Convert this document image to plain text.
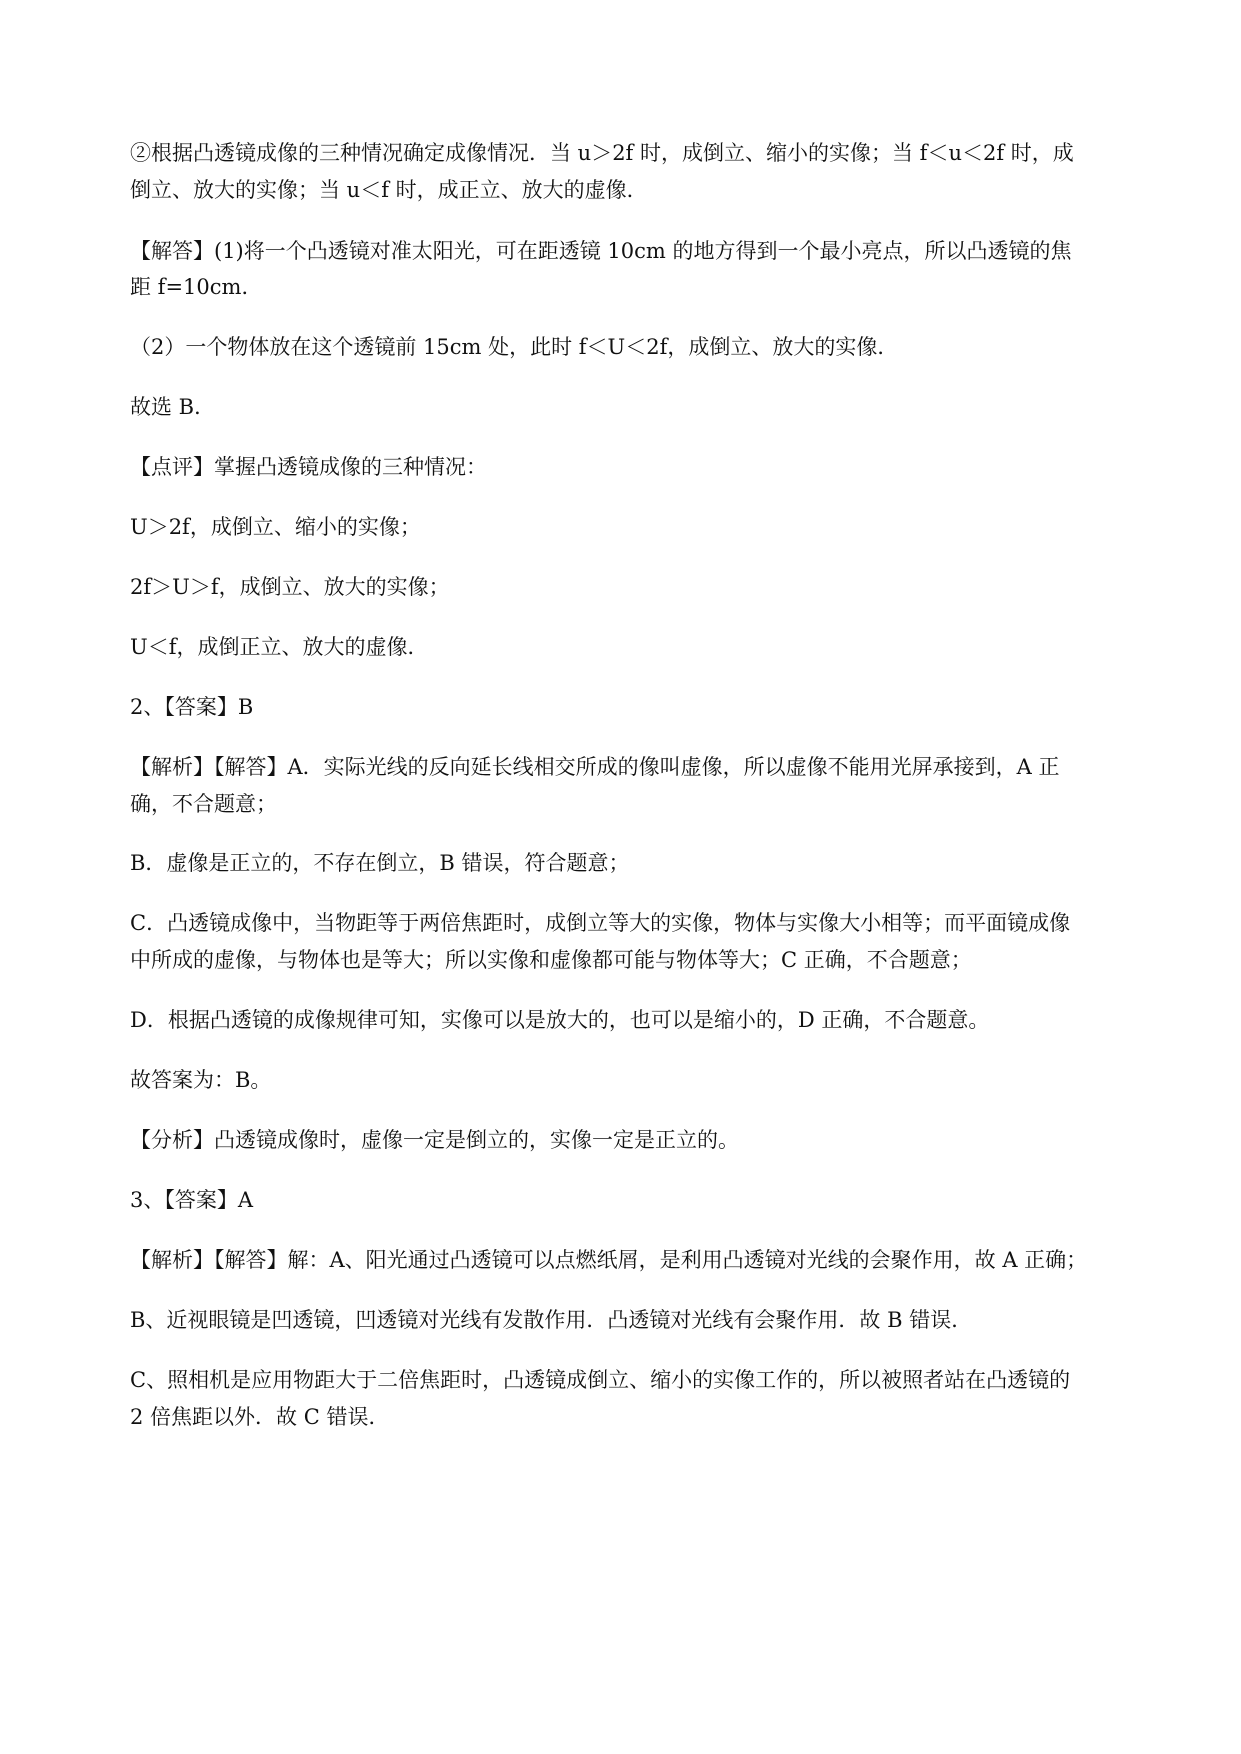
②根据凸透镜成像的三种情况确定成像情况．当 u＞2f 时，成倒立、缩小的实像；当 f＜u＜2f 时，成
倒立、放大的实像；当 u＜f 时，成正立、放大的虚像．
【解答】(1)将一个凸透镜对准太阳光，可在距透镜 10cm 的地方得到一个最小亮点，所以凸透镜的焦
距 f=10cm．
（2）一个物体放在这个透镜前 15cm 处，此时 f＜U＜2f，成倒立、放大的实像．
故选 B．
【点评】掌握凸透镜成像的三种情况：
U＞2f，成倒立、缩小的实像；
2f＞U＞f，成倒立、放大的实像；
U＜f，成倒正立、放大的虚像．
2、【答案】B
【解析】【解答】A．实际光线的反向延长线相交所成的像叫虚像，所以虚像不能用光屏承接到，A 正
确，不合题意；
B．虚像是正立的，不存在倒立，B 错误，符合题意；
C．凸透镜成像中，当物距等于两倍焦距时，成倒立等大的实像，物体与实像大小相等；而平面镜成像
中所成的虚像，与物体也是等大；所以实像和虚像都可能与物体等大；C 正确，不合题意；
D．根据凸透镜的成像规律可知，实像可以是放大的，也可以是缩小的，D 正确，不合题意。
故答案为：B。
【分析】凸透镜成像时，虚像一定是倒立的，实像一定是正立的。
3、【答案】A
【解析】【解答】解：A、阳光通过凸透镜可以点燃纸屑，是利用凸透镜对光线的会聚作用，故 A 正确；
B、近视眼镜是凹透镜，凹透镜对光线有发散作用．凸透镜对光线有会聚作用．故 B 错误．
C、照相机是应用物距大于二倍焦距时，凸透镜成倒立、缩小的实像工作的，所以被照者站在凸透镜的
2 倍焦距以外．故 C 错误．
